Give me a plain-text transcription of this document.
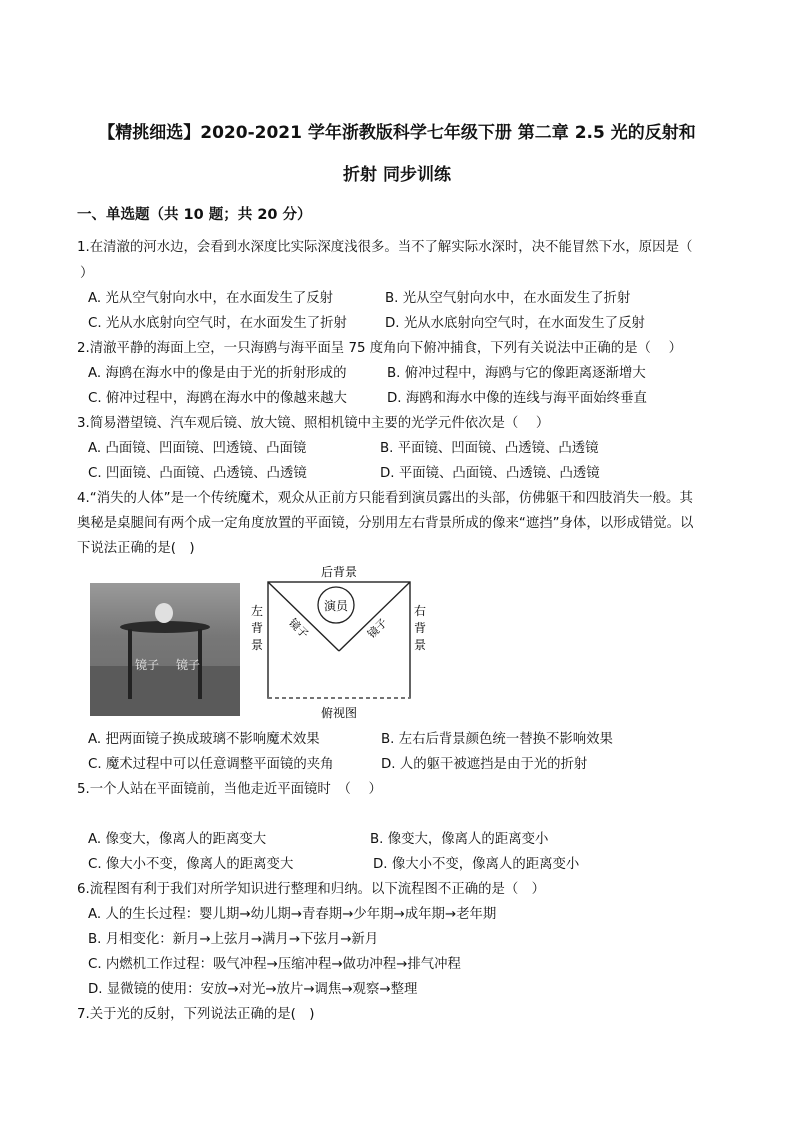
【精挑细选】2020-2021 学年浙教版科学七年级下册 第二章 2.5 光的反射和
折射 同步训练
一、单选题（共 10 题；共 20 分）
1.在清澈的河水边，会看到水深度比实际深度浅很多。当不了解实际水深时，决不能冒然下水，原因是（
）
A. 光从空气射向水中，在水面发生了反射	B. 光从空气射向水中，在水面发生了折射
C. 光从水底射向空气时，在水面发生了折射	D. 光从水底射向空气时，在水面发生了反射
2.清澈平静的海面上空，一只海鸥与海平面呈 75 度角向下俯冲捕食，下列有关说法中正确的是（　 ）
A. 海鸥在海水中的像是由于光的折射形成的	B. 俯冲过程中，海鸥与它的像距离逐渐增大
C. 俯冲过程中，海鸥在海水中的像越来越大	D. 海鸥和海水中像的连线与海平面始终垂直
3.简易潜望镜、汽车观后镜、放大镜、照相机镜中主要的光学元件依次是（　 ）
A. 凸面镜、凹面镜、凹透镜、凸面镜	B. 平面镜、凹面镜、凸透镜、凸透镜
C. 凹面镜、凸面镜、凸透镜、凸透镜	D. 平面镜、凸面镜、凸透镜、凸透镜
4.“消失的人体”是一个传统魔术，观众从正前方只能看到演员露出的头部，仿佛躯干和四肢消失一般。其
奥秘是桌腿间有两个成一定角度放置的平面镜，分别用左右背景所成的像来“遮挡”身体，以形成错觉。以
下说法正确的是(　)
镜子 镜子
演员
后背景
左
背
景
右
背
景
镜子	镜子
俯视图
A. 把两面镜子换成玻璃不影响魔术效果	B. 左右后背景颜色统一替换不影响效果
C. 魔术过程中可以任意调整平面镜的夹角	D. 人的躯干被遮挡是由于光的折射
5.一个人站在平面镜前，当他走近平面镜时　（　 ）
A. 像变大，像离人的距离变大	B. 像变大，像离人的距离变小
C. 像大小不变，像离人的距离变大	D. 像大小不变，像离人的距离变小
6.流程图有利于我们对所学知识进行整理和归纳。以下流程图不正确的是（　）
A. 人的生长过程：婴儿期→幼儿期→青春期→少年期→成年期→老年期
B. 月相变化：新月→上弦月→满月→下弦月→新月
C. 内燃机工作过程：吸气冲程→压缩冲程→做功冲程→排气冲程
D. 显微镜的使用：安放→对光→放片→调焦→观察→整理
7.关于光的反射，下列说法正确的是(　)
